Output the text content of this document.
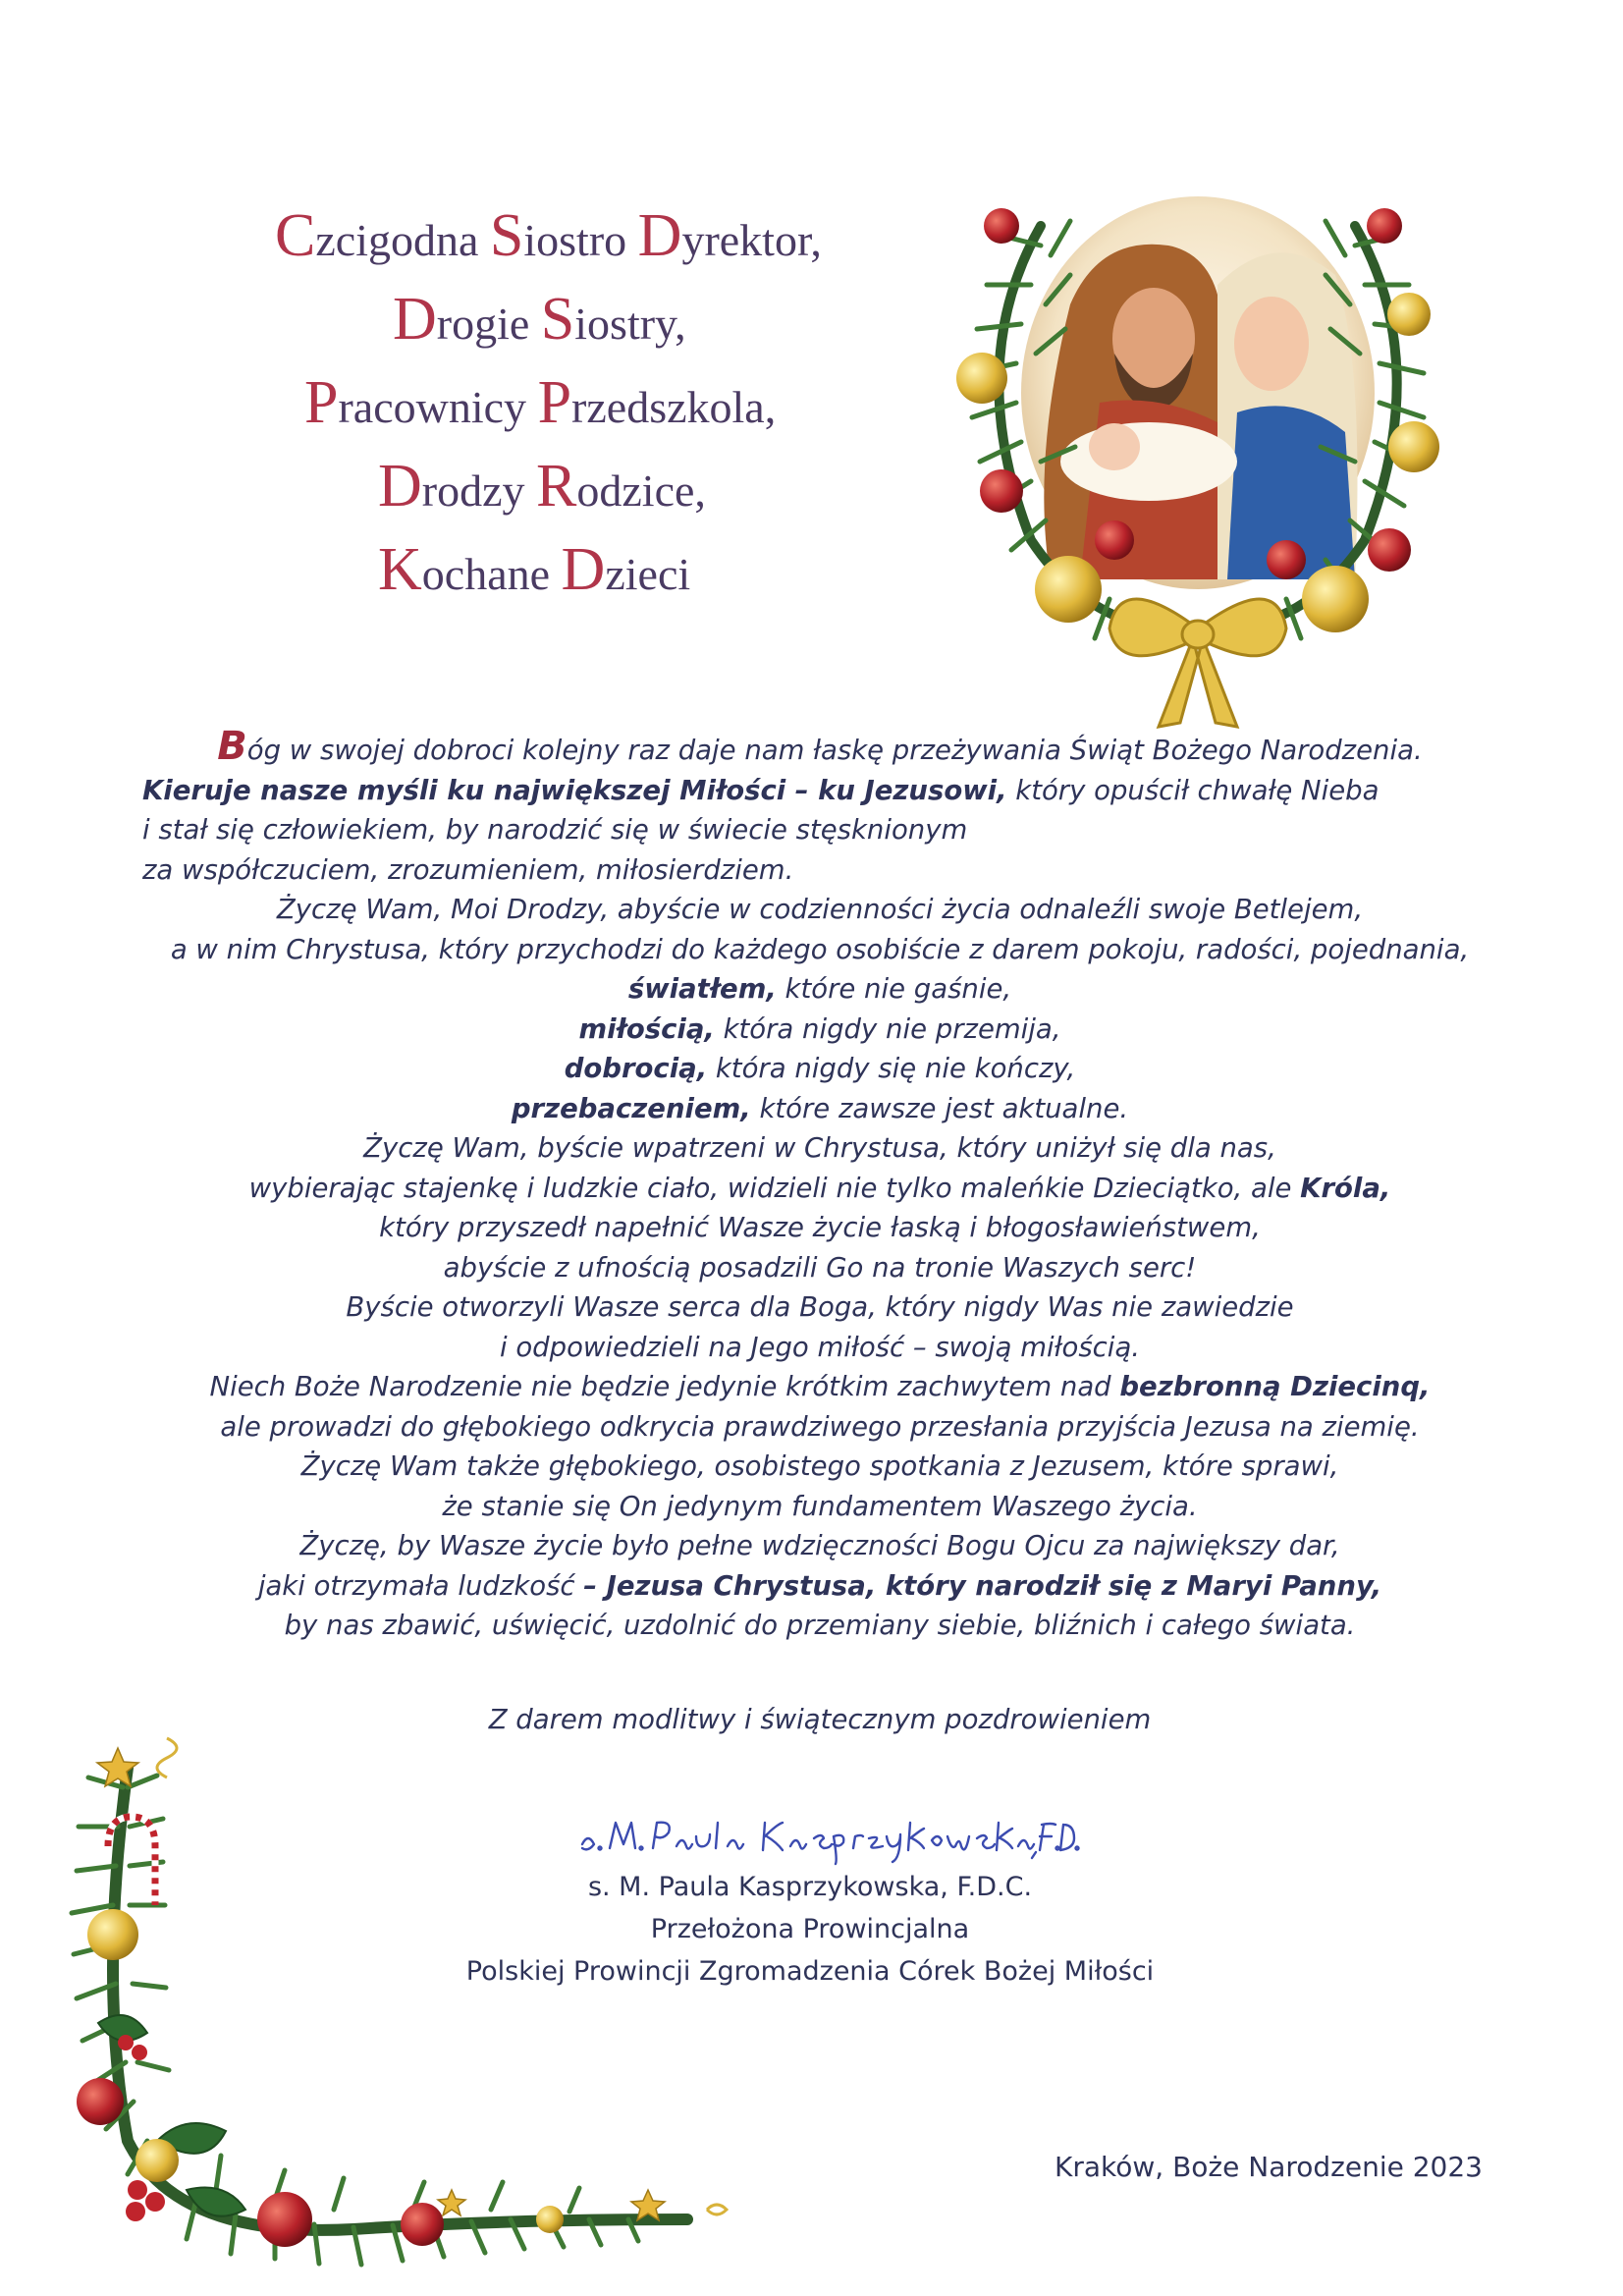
Czcigodna Siostro Dyrektor,
Drogie Siostry,
Pracownicy Przedszkola,
Drodzy Rodzice,
Kochane Dzieci
Bóg w swojej dobroci kolejny raz daje nam łaskę przeżywania Świąt Bożego Narodzenia.
Kieruje nasze myśli ku największej Miłości – ku Jezusowi, który opuścił chwałę Nieba
i stał się człowiekiem, by narodzić się w świecie stęsknionym
za współczuciem, zrozumieniem, miłosierdziem.
Życzę Wam, Moi Drodzy, abyście w codzienności życia odnaleźli swoje Betlejem,
a w nim Chrystusa, który przychodzi do każdego osobiście z darem pokoju, radości, pojednania,
światłem, które nie gaśnie,
miłością, która nigdy nie przemija,
dobrocią, która nigdy się nie kończy,
przebaczeniem, które zawsze jest aktualne.
Życzę Wam, byście wpatrzeni w Chrystusa, który uniżył się dla nas,
wybierając stajenkę i ludzkie ciało, widzieli nie tylko maleńkie Dzieciątko, ale Króla,
który przyszedł napełnić Wasze życie łaską i błogosławieństwem,
abyście z ufnością posadzili Go na tronie Waszych serc!
Byście otworzyli Wasze serca dla Boga, który nigdy Was nie zawiedzie
i odpowiedzieli na Jego miłość – swoją miłością.
Niech Boże Narodzenie nie będzie jedynie krótkim zachwytem nad bezbronną Dziecinq,
ale prowadzi do głębokiego odkrycia prawdziwego przesłania przyjścia Jezusa na ziemię.
Życzę Wam także głębokiego, osobistego spotkania z Jezusem, które sprawi,
że stanie się On jedynym fundamentem Waszego życia.
Życzę, by Wasze życie było pełne wdzięczności Bogu Ojcu za największy dar,
jaki otrzymała ludzkość – Jezusa Chrystusa, który narodził się z Maryi Panny,
by nas zbawić, uświęcić, uzdolnić do przemiany siebie, bliźnich i całego świata.
Z darem modlitwy i świątecznym pozdrowieniem
s. M. Paula Kasprzykowska, F.D.C.
Przełożona Prowincjalna
Polskiej Prowincji Zgromadzenia Córek Bożej Miłości
Kraków, Boże Narodzenie 2023
